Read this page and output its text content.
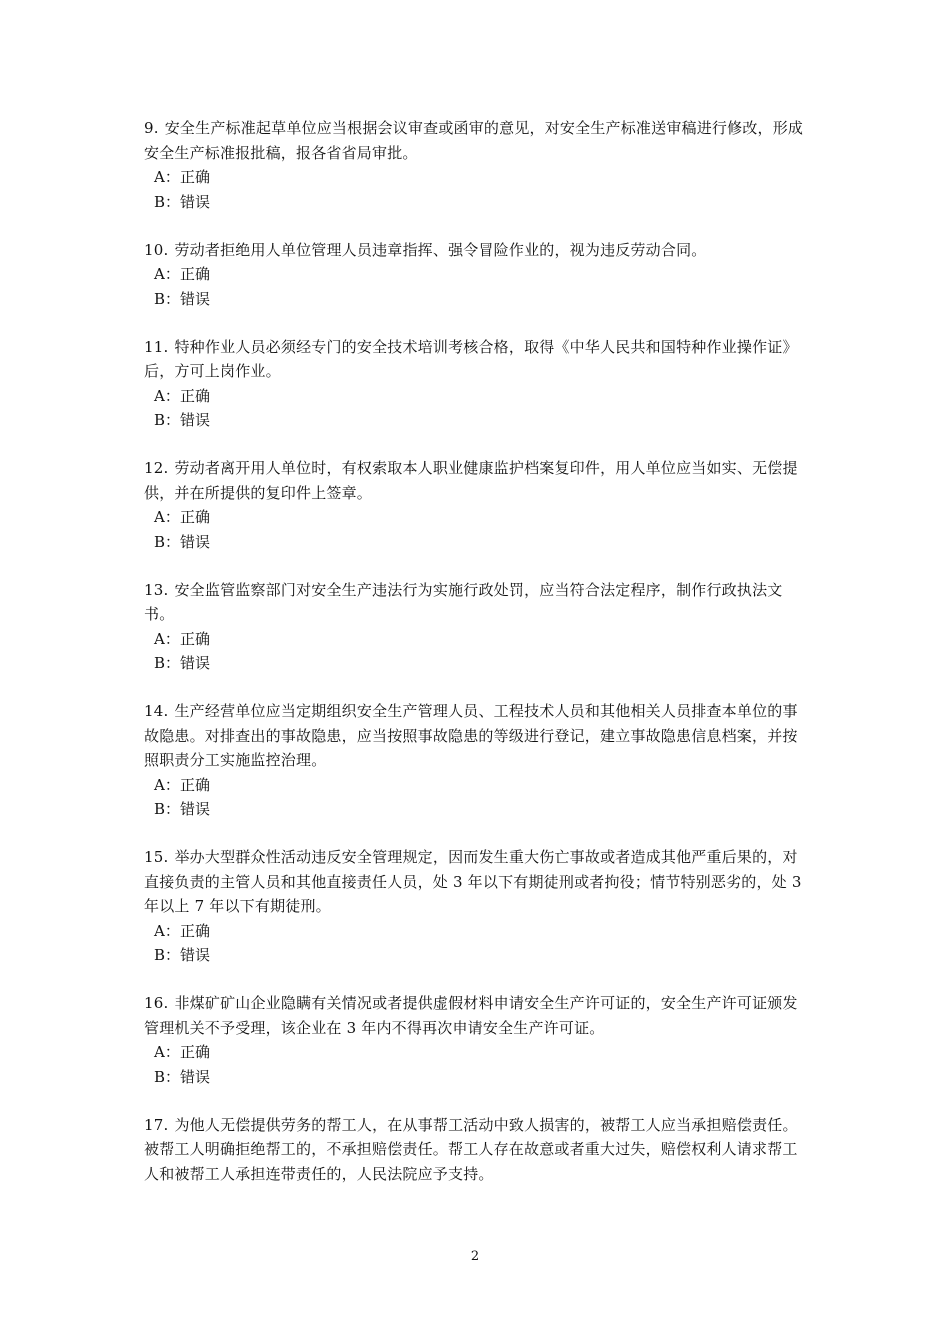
9. 安全生产标准起草单位应当根据会议审查或函审的意见，对安全生产标准送审稿进行修改，形成安全生产标准报批稿，报各省省局审批。

A：正确

B：错误

10. 劳动者拒绝用人单位管理人员违章指挥、强令冒险作业的，视为违反劳动合同。

A：正确

B：错误

11. 特种作业人员必须经专门的安全技术培训考核合格，取得《中华人民共和国特种作业操作证》后，方可上岗作业。

A：正确

B：错误

12. 劳动者离开用人单位时，有权索取本人职业健康监护档案复印件，用人单位应当如实、无偿提供，并在所提供的复印件上签章。

A：正确

B：错误

13. 安全监管监察部门对安全生产违法行为实施行政处罚，应当符合法定程序，制作行政执法文书。

A：正确

B：错误

14. 生产经营单位应当定期组织安全生产管理人员、工程技术人员和其他相关人员排查本单位的事故隐患。对排查出的事故隐患，应当按照事故隐患的等级进行登记，建立事故隐患信息档案，并按照职责分工实施监控治理。

A：正确

B：错误

15. 举办大型群众性活动违反安全管理规定，因而发生重大伤亡事故或者造成其他严重后果的，对直接负责的主管人员和其他直接责任人员，处 3 年以下有期徒刑或者拘役；情节特别恶劣的，处 3 年以上 7 年以下有期徒刑。

A：正确

B：错误

16. 非煤矿矿山企业隐瞒有关情况或者提供虚假材料申请安全生产许可证的，安全生产许可证颁发管理机关不予受理，该企业在 3 年内不得再次申请安全生产许可证。

A：正确

B：错误

17. 为他人无偿提供劳务的帮工人，在从事帮工活动中致人损害的，被帮工人应当承担赔偿责任。被帮工人明确拒绝帮工的，不承担赔偿责任。帮工人存在故意或者重大过失，赔偿权利人请求帮工人和被帮工人承担连带责任的，人民法院应予支持。

2
